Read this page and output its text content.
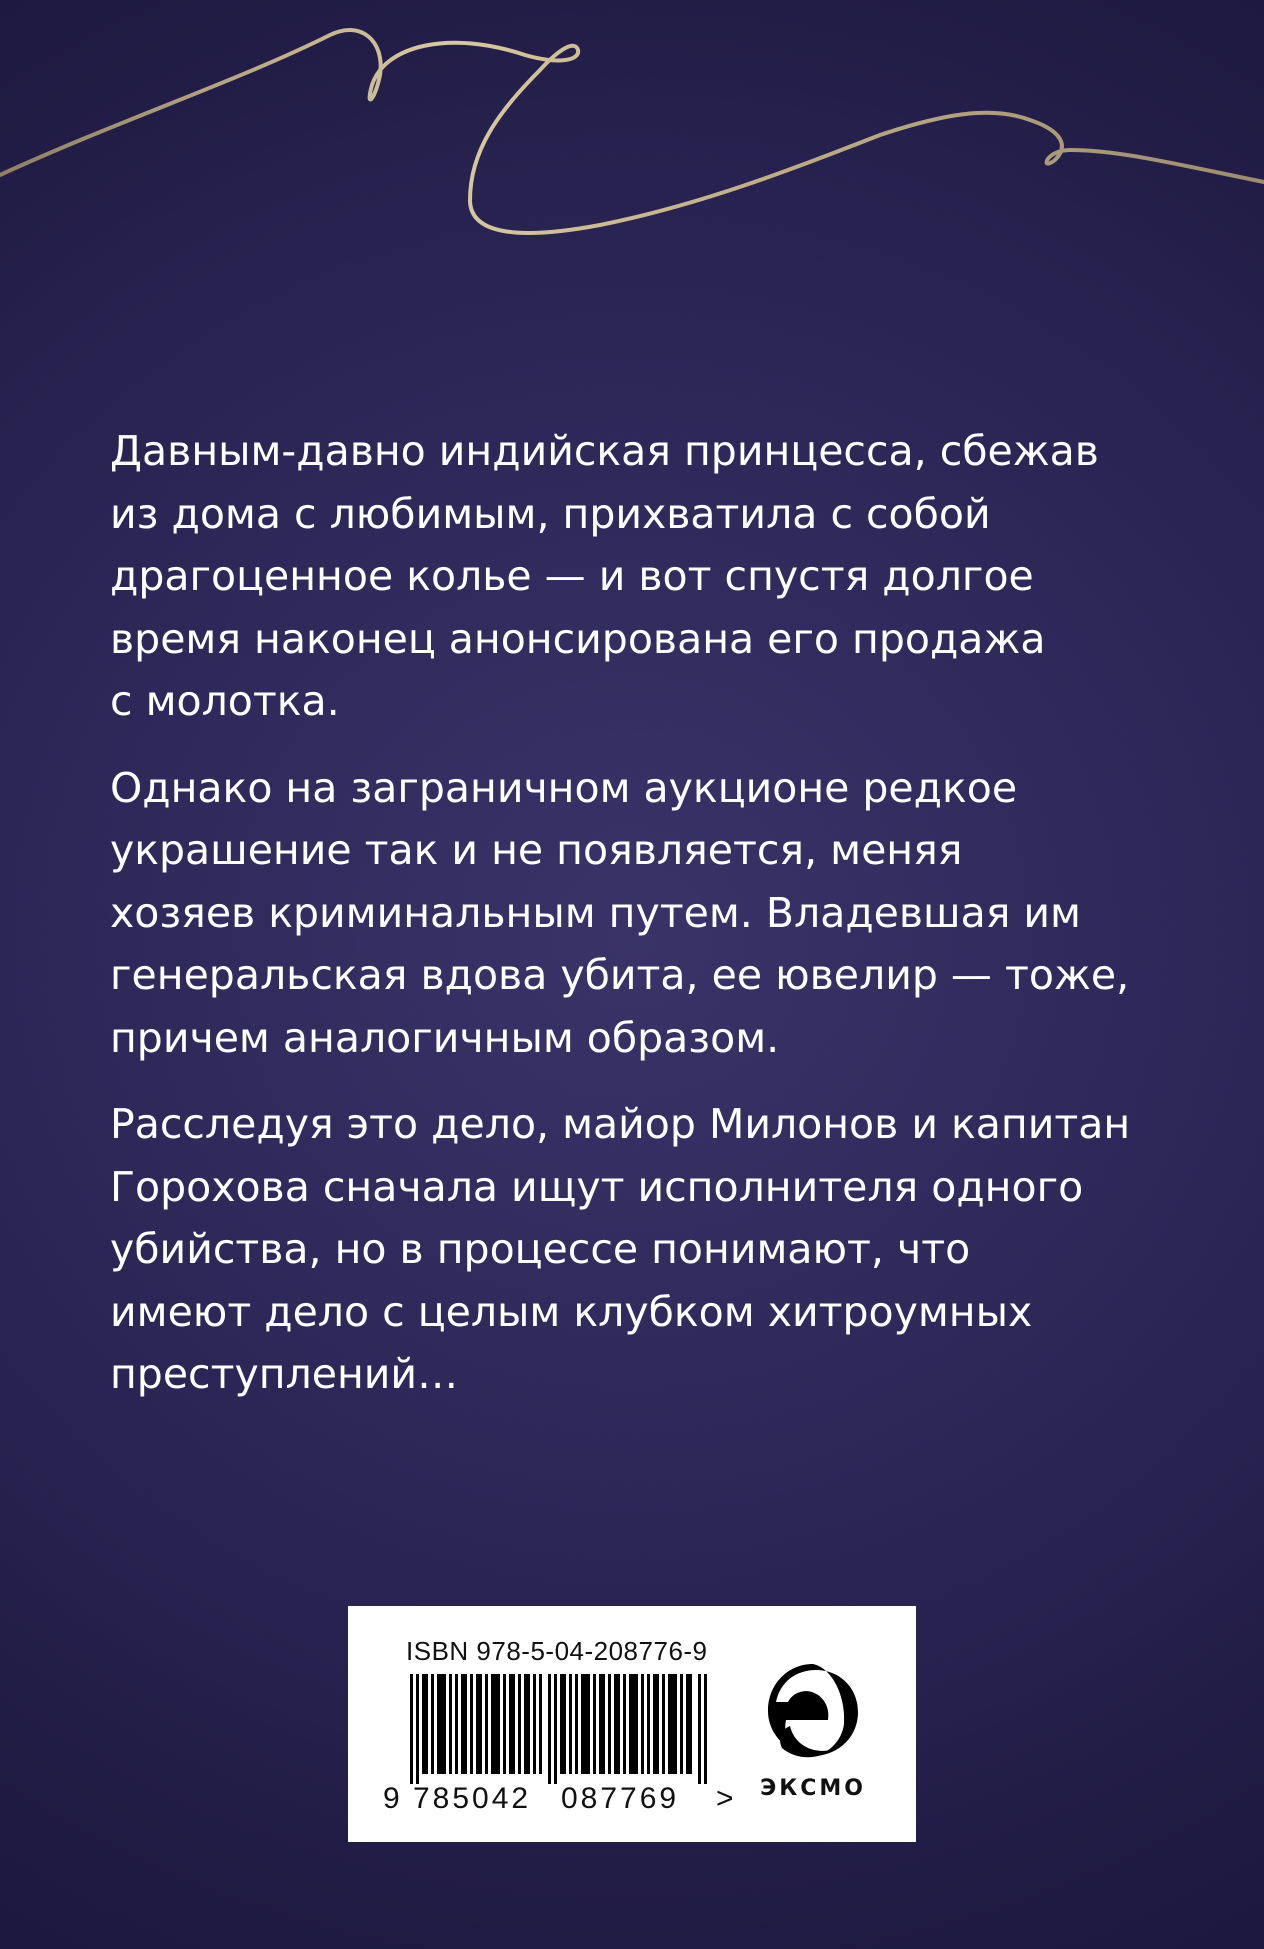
Давным-давно индийская принцесса, сбежав
из дома с любимым, прихватила с собой
драгоценное колье — и вот спустя долгое
время наконец анонсирована его продажа
с молотка.

Однако на заграничном аукционе редкое
украшение так и не появляется, меняя
хозяев криминальным путем. Владевшая им
генеральская вдова убита, ее ювелир — тоже,
причем аналогичным образом.

Расследуя это дело, майор Милонов и капитан
Горохова сначала ищут исполнителя одного
убийства, но в процессе понимают, что
имеют дело с целым клубком хитроумных
преступлений…

ISBN 978-5-04-208776-9

9

785042

087769

>

	ЭКСМО
